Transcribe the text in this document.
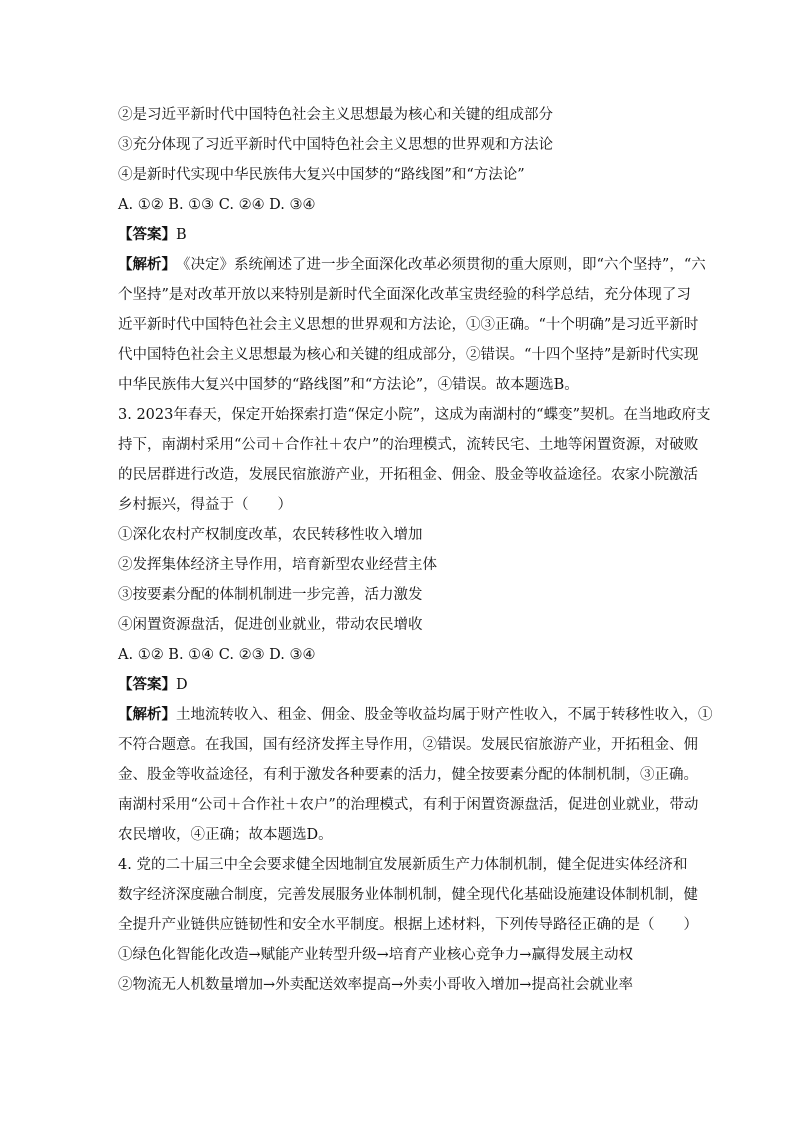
②是习近平新时代中国特色社会主义思想最为核心和关键的组成部分
③充分体现了习近平新时代中国特色社会主义思想的世界观和方法论
④是新时代实现中华民族伟大复兴中国梦的“路线图”和“方法论”
A. ①② B. ①③ C. ②④ D. ③④
【答案】 B
【解析】 《决定》系统阐述了进一步全面深化改革必须贯彻的重大原则，即“六个坚持”，“六
个坚持”是对改革开放以来特别是新时代全面深化改革宝贵经验的科学总结，充分体现了习
近平新时代中国特色社会主义思想的世界观和方法论，①③正确。“十个明确”是习近平新时
代中国特色社会主义思想最为核心和关键的组成部分，②错误。“十四个坚持”是新时代实现
中华民族伟大复兴中国梦的“路线图”和“方法论”，④错误。故本题选B。
3. 2023年春天，保定开始探索打造“保定小院”，这成为南湖村的“蝶变”契机。在当地政府支
持下，南湖村采用“公司＋合作社＋农户”的治理模式，流转民宅、土地等闲置资源，对破败
的民居群进行改造，发展民宿旅游产业，开拓租金、佣金、股金等收益途径。农家小院激活
乡村振兴，得益于（　　）
①深化农村产权制度改革，农民转移性收入增加
②发挥集体经济主导作用，培育新型农业经营主体
③按要素分配的体制机制进一步完善，活力激发
④闲置资源盘活，促进创业就业，带动农民增收
A. ①② B. ①④ C. ②③ D. ③④
【答案】 D
【解析】 土地流转收入、租金、佣金、股金等收益均属于财产性收入，不属于转移性收入，①
不符合题意。在我国，国有经济发挥主导作用，②错误。发展民宿旅游产业，开拓租金、佣
金、股金等收益途径，有利于激发各种要素的活力，健全按要素分配的体制机制，③正确。
南湖村采用“公司＋合作社＋农户”的治理模式，有利于闲置资源盘活，促进创业就业，带动
农民增收，④正确；故本题选D。
4. 党的二十届三中全会要求健全因地制宜发展新质生产力体制机制，健全促进实体经济和
数字经济深度融合制度，完善发展服务业体制机制，健全现代化基础设施建设体制机制，健
全提升产业链供应链韧性和安全水平制度。根据上述材料，下列传导路径正确的是（　　）
①绿色化智能化改造→赋能产业转型升级→培育产业核心竞争力→赢得发展主动权
②物流无人机数量增加→外卖配送效率提高→外卖小哥收入增加→提高社会就业率
